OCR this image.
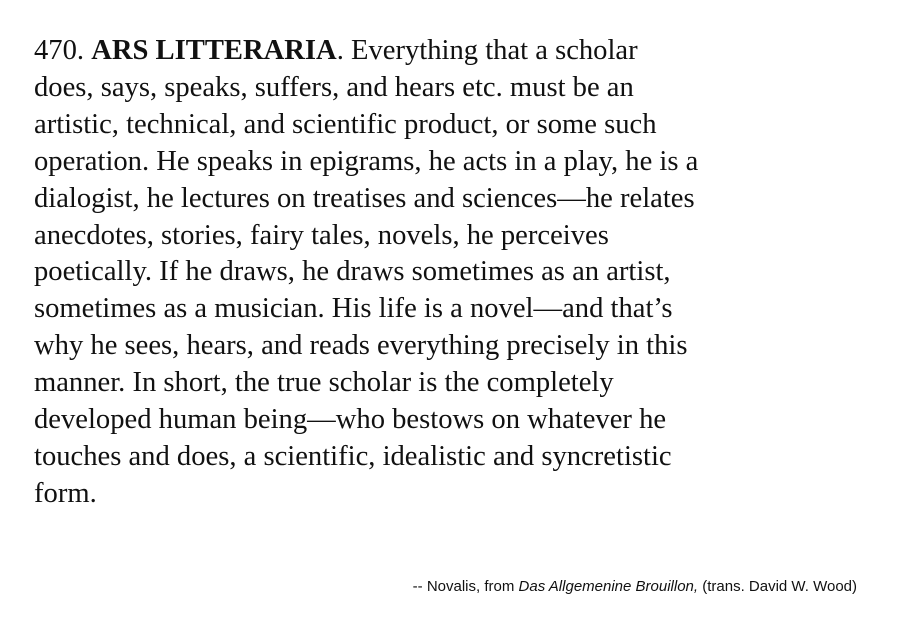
470. ARS LITTERARIA. Everything that a scholar
does, says, speaks, suffers, and hears etc. must be an
artistic, technical, and scientific product, or some such
operation. He speaks in epigrams, he acts in a play, he is a
dialogist, he lectures on treatises and sciences—he relates
anecdotes, stories, fairy tales, novels, he perceives
poetically. If he draws, he draws sometimes as an artist,
sometimes as a musician. His life is a novel—and that’s
why he sees, hears, and reads everything precisely in this
manner. In short, the true scholar is the completely
developed human being—who bestows on whatever he
touches and does, a scientific, idealistic and syncretistic
form.
-- Novalis, from Das Allgemenine Brouillon, (trans. David W. Wood)
